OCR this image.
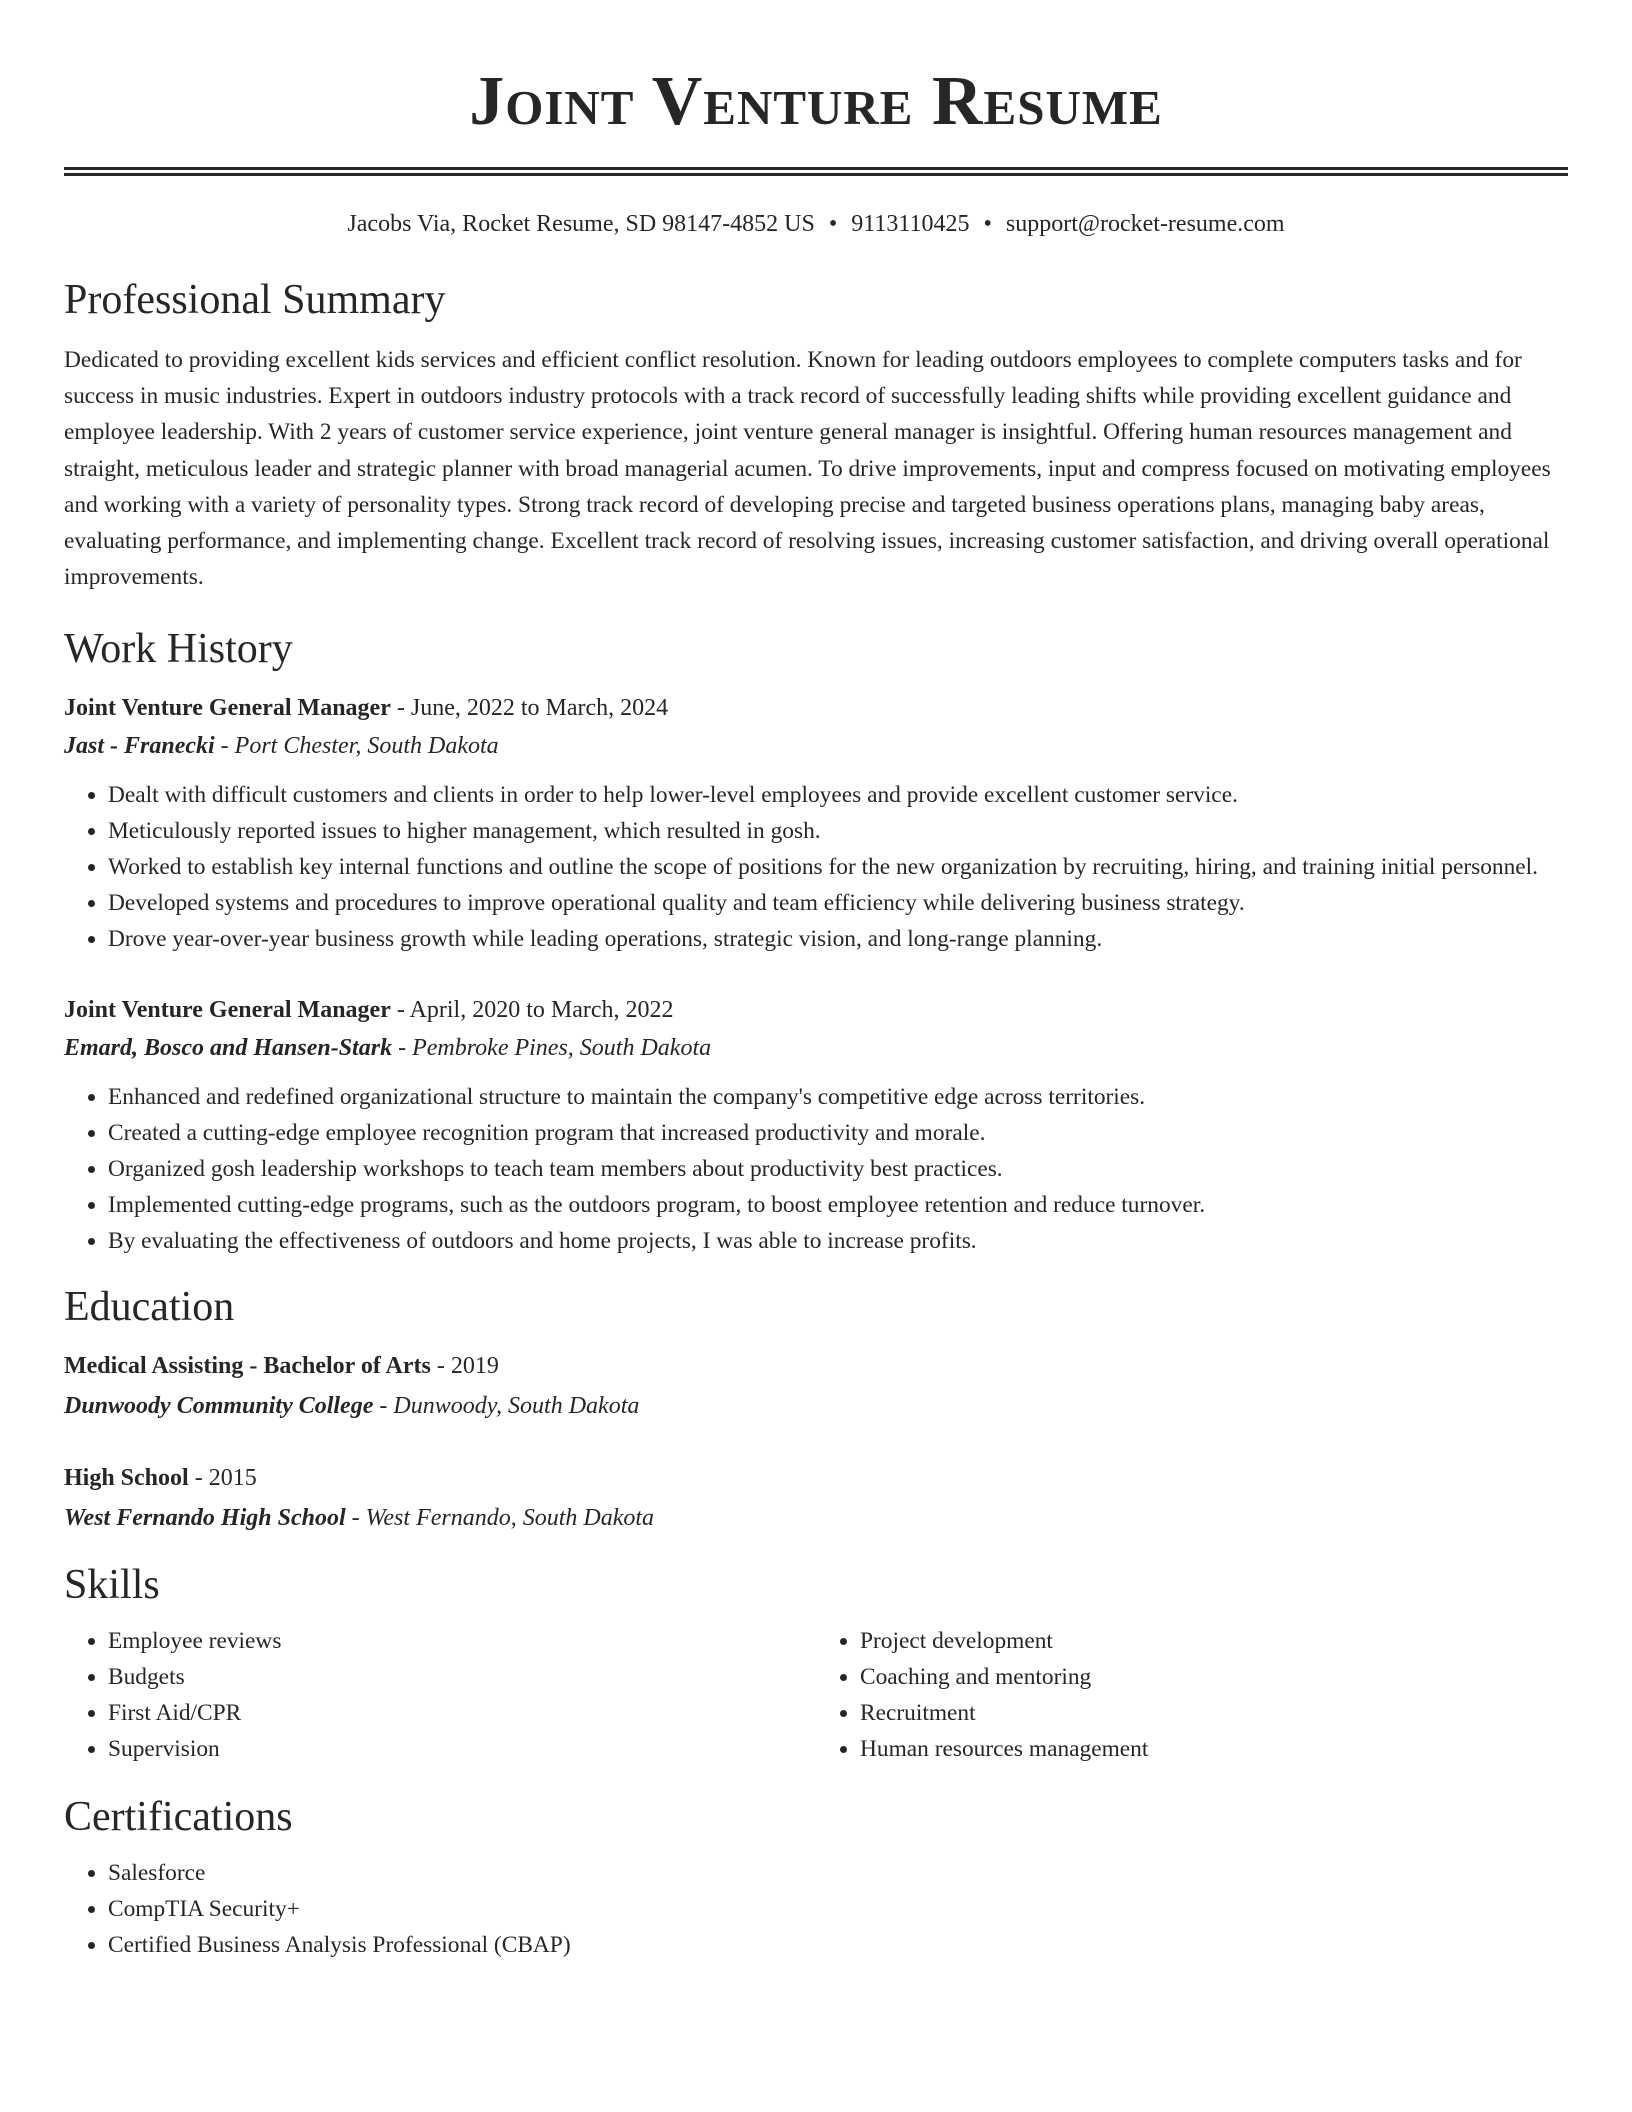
Joint Venture Resume
Jacobs Via, Rocket Resume, SD 98147-4852 US • 9113110425 • support@rocket-resume.com
Professional Summary

Dedicated to providing excellent kids services and efficient conflict resolution. Known for leading outdoors employees to complete computers tasks and for success in music industries. Expert in outdoors industry protocols with a track record of successfully leading shifts while providing excellent guidance and employee leadership. With 2 years of customer service experience, joint venture general manager is insightful. Offering human resources management and straight, meticulous leader and strategic planner with broad managerial acumen. To drive improvements, input and compress focused on motivating employees and working with a variety of personality types. Strong track record of developing precise and targeted business operations plans, managing baby areas, evaluating performance, and implementing change. Excellent track record of resolving issues, increasing customer satisfaction, and driving overall operational improvements.

Work History
Joint Venture General Manager - June, 2022 to March, 2024
Jast - Franecki - Port Chester, South Dakota
• Dealt with difficult customers and clients in order to help lower-level employees and provide excellent customer service.
• Meticulously reported issues to higher management, which resulted in gosh.
• Worked to establish key internal functions and outline the scope of positions for the new organization by recruiting, hiring, and training initial personnel.
• Developed systems and procedures to improve operational quality and team efficiency while delivering business strategy.
• Drove year-over-year business growth while leading operations, strategic vision, and long-range planning.
Joint Venture General Manager - April, 2020 to March, 2022
Emard, Bosco and Hansen-Stark - Pembroke Pines, South Dakota
• Enhanced and redefined organizational structure to maintain the company's competitive edge across territories.
• Created a cutting-edge employee recognition program that increased productivity and morale.
• Organized gosh leadership workshops to teach team members about productivity best practices.
• Implemented cutting-edge programs, such as the outdoors program, to boost employee retention and reduce turnover.
• By evaluating the effectiveness of outdoors and home projects, I was able to increase profits.
Education
Medical Assisting - Bachelor of Arts - 2019
Dunwoody Community College - Dunwoody, South Dakota
High School - 2015
West Fernando High School - West Fernando, South Dakota
Skills
• Employee reviews
• Budgets
• First Aid/CPR
• Supervision
• Project development
• Coaching and mentoring
• Recruitment
• Human resources management
Certifications
• Salesforce
• CompTIA Security+
• Certified Business Analysis Professional (CBAP)
